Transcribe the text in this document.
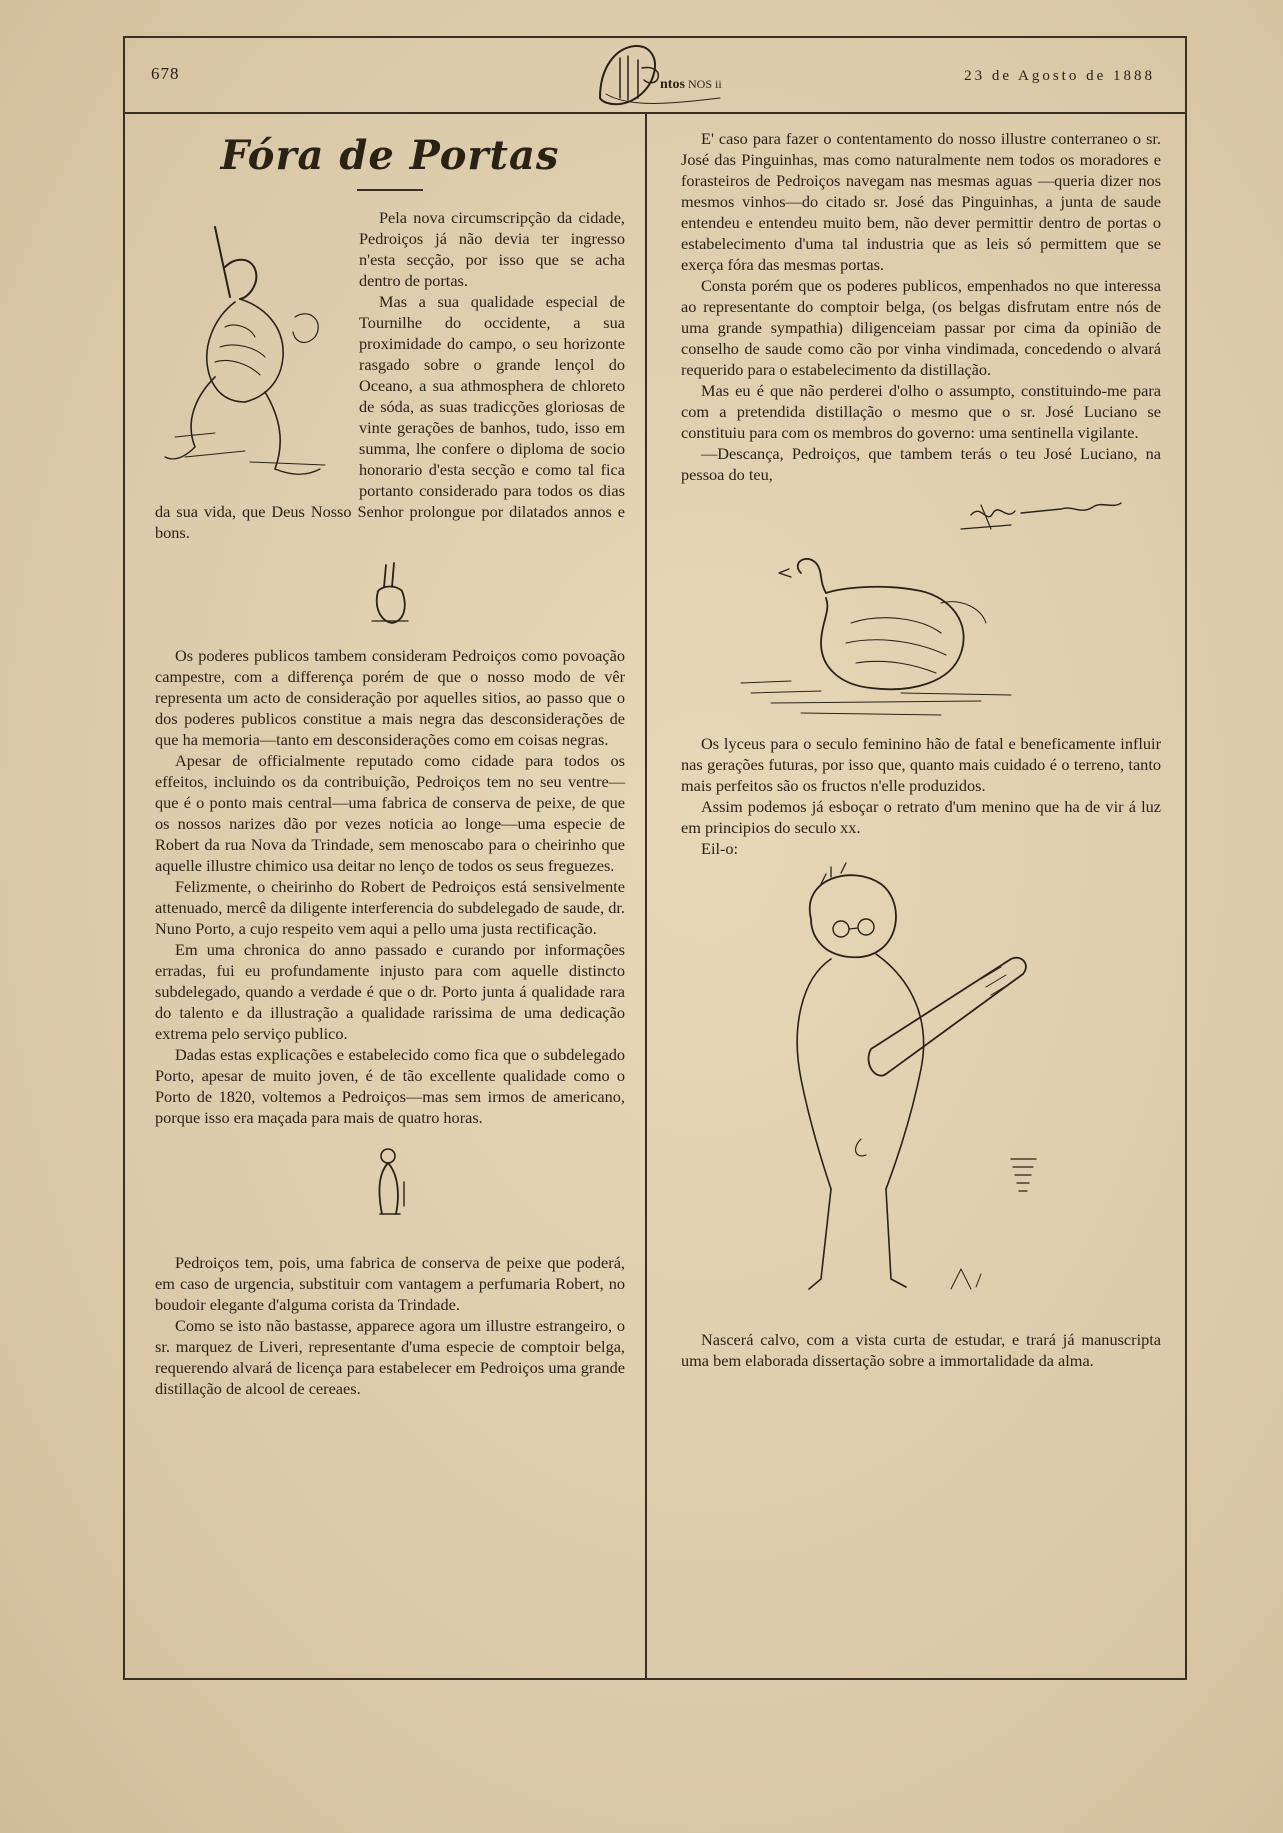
678
ntos NOS ii	23 de Agosto de 1888
Fóra de Portas

Pela nova circumscripção da cidade, Pedroiços já não devia ter ingresso n'esta secção, por isso que se acha dentro de portas.

Mas a sua qualidade especial de Tournilhe do occidente, a sua proximidade do campo, o seu horizonte rasgado sobre o grande lençol do Oceano, a sua athmosphera de chloreto de sóda, as suas tradicções gloriosas de vinte gerações de banhos, tudo, isso em summa, lhe confere o diploma de socio honorario d'esta secção e como tal fica portanto considerado para todos os dias da sua vida, que Deus Nosso Senhor prolongue por dilatados annos e bons.

Os poderes publicos tambem consideram Pedroiços como povoação campestre, com a differença porém de que o nosso modo de vêr representa um acto de consideração por aquelles sitios, ao passo que o dos poderes publicos constitue a mais negra das desconsiderações de que ha memoria—tanto em desconsiderações como em coisas negras.

Apesar de officialmente reputado como cidade para todos os effeitos, incluindo os da contribuição, Pedroiços tem no seu ventre—que é o ponto mais central—uma fabrica de conserva de peixe, de que os nossos narizes dão por vezes noticia ao longe—uma especie de Robert da rua Nova da Trindade, sem menoscabo para o cheirinho que aquelle illustre chimico usa deitar no lenço de todos os seus freguezes.

Felizmente, o cheirinho do Robert de Pedroiços está sensivelmente attenuado, mercê da diligente interferencia do subdelegado de saude, dr. Nuno Porto, a cujo respeito vem aqui a pello uma justa rectificação.

Em uma chronica do anno passado e curando por informações erradas, fui eu profundamente injusto para com aquelle distincto subdelegado, quando a verdade é que o dr. Porto junta á qualidade rara do talento e da illustração a qualidade rarissima de uma dedicação extrema pelo serviço publico.

Dadas estas explicações e estabelecido como fica que o subdelegado Porto, apesar de muito joven, é de tão excellente qualidade como o Porto de 1820, voltemos a Pedroiços—mas sem irmos de americano, porque isso era maçada para mais de quatro horas.

Pedroiços tem, pois, uma fabrica de conserva de peixe que poderá, em caso de urgencia, substituir com vantagem a perfumaria Robert, no boudoir elegante d'alguma corista da Trindade.

Como se isto não bastasse, apparece agora um illustre estrangeiro, o sr. marquez de Liveri, representante d'uma especie de comptoir belga, requerendo alvará de licença para estabelecer em Pedroiços uma grande distillação de alcool de cereaes.

E' caso para fazer o contentamento do nosso illustre conterraneo o sr. José das Pinguinhas, mas como naturalmente nem todos os moradores e forasteiros de Pedroiços navegam nas mesmas aguas —queria dizer nos mesmos vinhos—do citado sr. José das Pinguinhas, a junta de saude entendeu e entendeu muito bem, não dever permittir dentro de portas o estabelecimento d'uma tal industria que as leis só permittem que se exerça fóra das mesmas portas.

Consta porém que os poderes publicos, empenhados no que interessa ao representante do comptoir belga, (os belgas disfrutam entre nós de uma grande sympathia) diligenceiam passar por cima da opinião de conselho de saude como cão por vinha vindimada, concedendo o alvará requerido para o estabelecimento da distillação.

Mas eu é que não perderei d'olho o assumpto, constituindo-me para com a pretendida distillação o mesmo que o sr. José Luciano se constituiu para com os membros do governo: uma sentinella vigilante.

—Descança, Pedroiços, que tambem terás o teu José Luciano, na pessoa do teu,

Os lyceus para o seculo feminino hão de fatal e beneficamente influir nas gerações futuras, por isso que, quanto mais cuidado é o terreno, tanto mais perfeitos são os fructos n'elle produzidos.

Assim podemos já esboçar o retrato d'um menino que ha de vir á luz em principios do seculo xx.

Eil-o:

Nascerá calvo, com a vista curta de estudar, e trará já manuscripta uma bem elaborada dissertação sobre a immortalidade da alma.
